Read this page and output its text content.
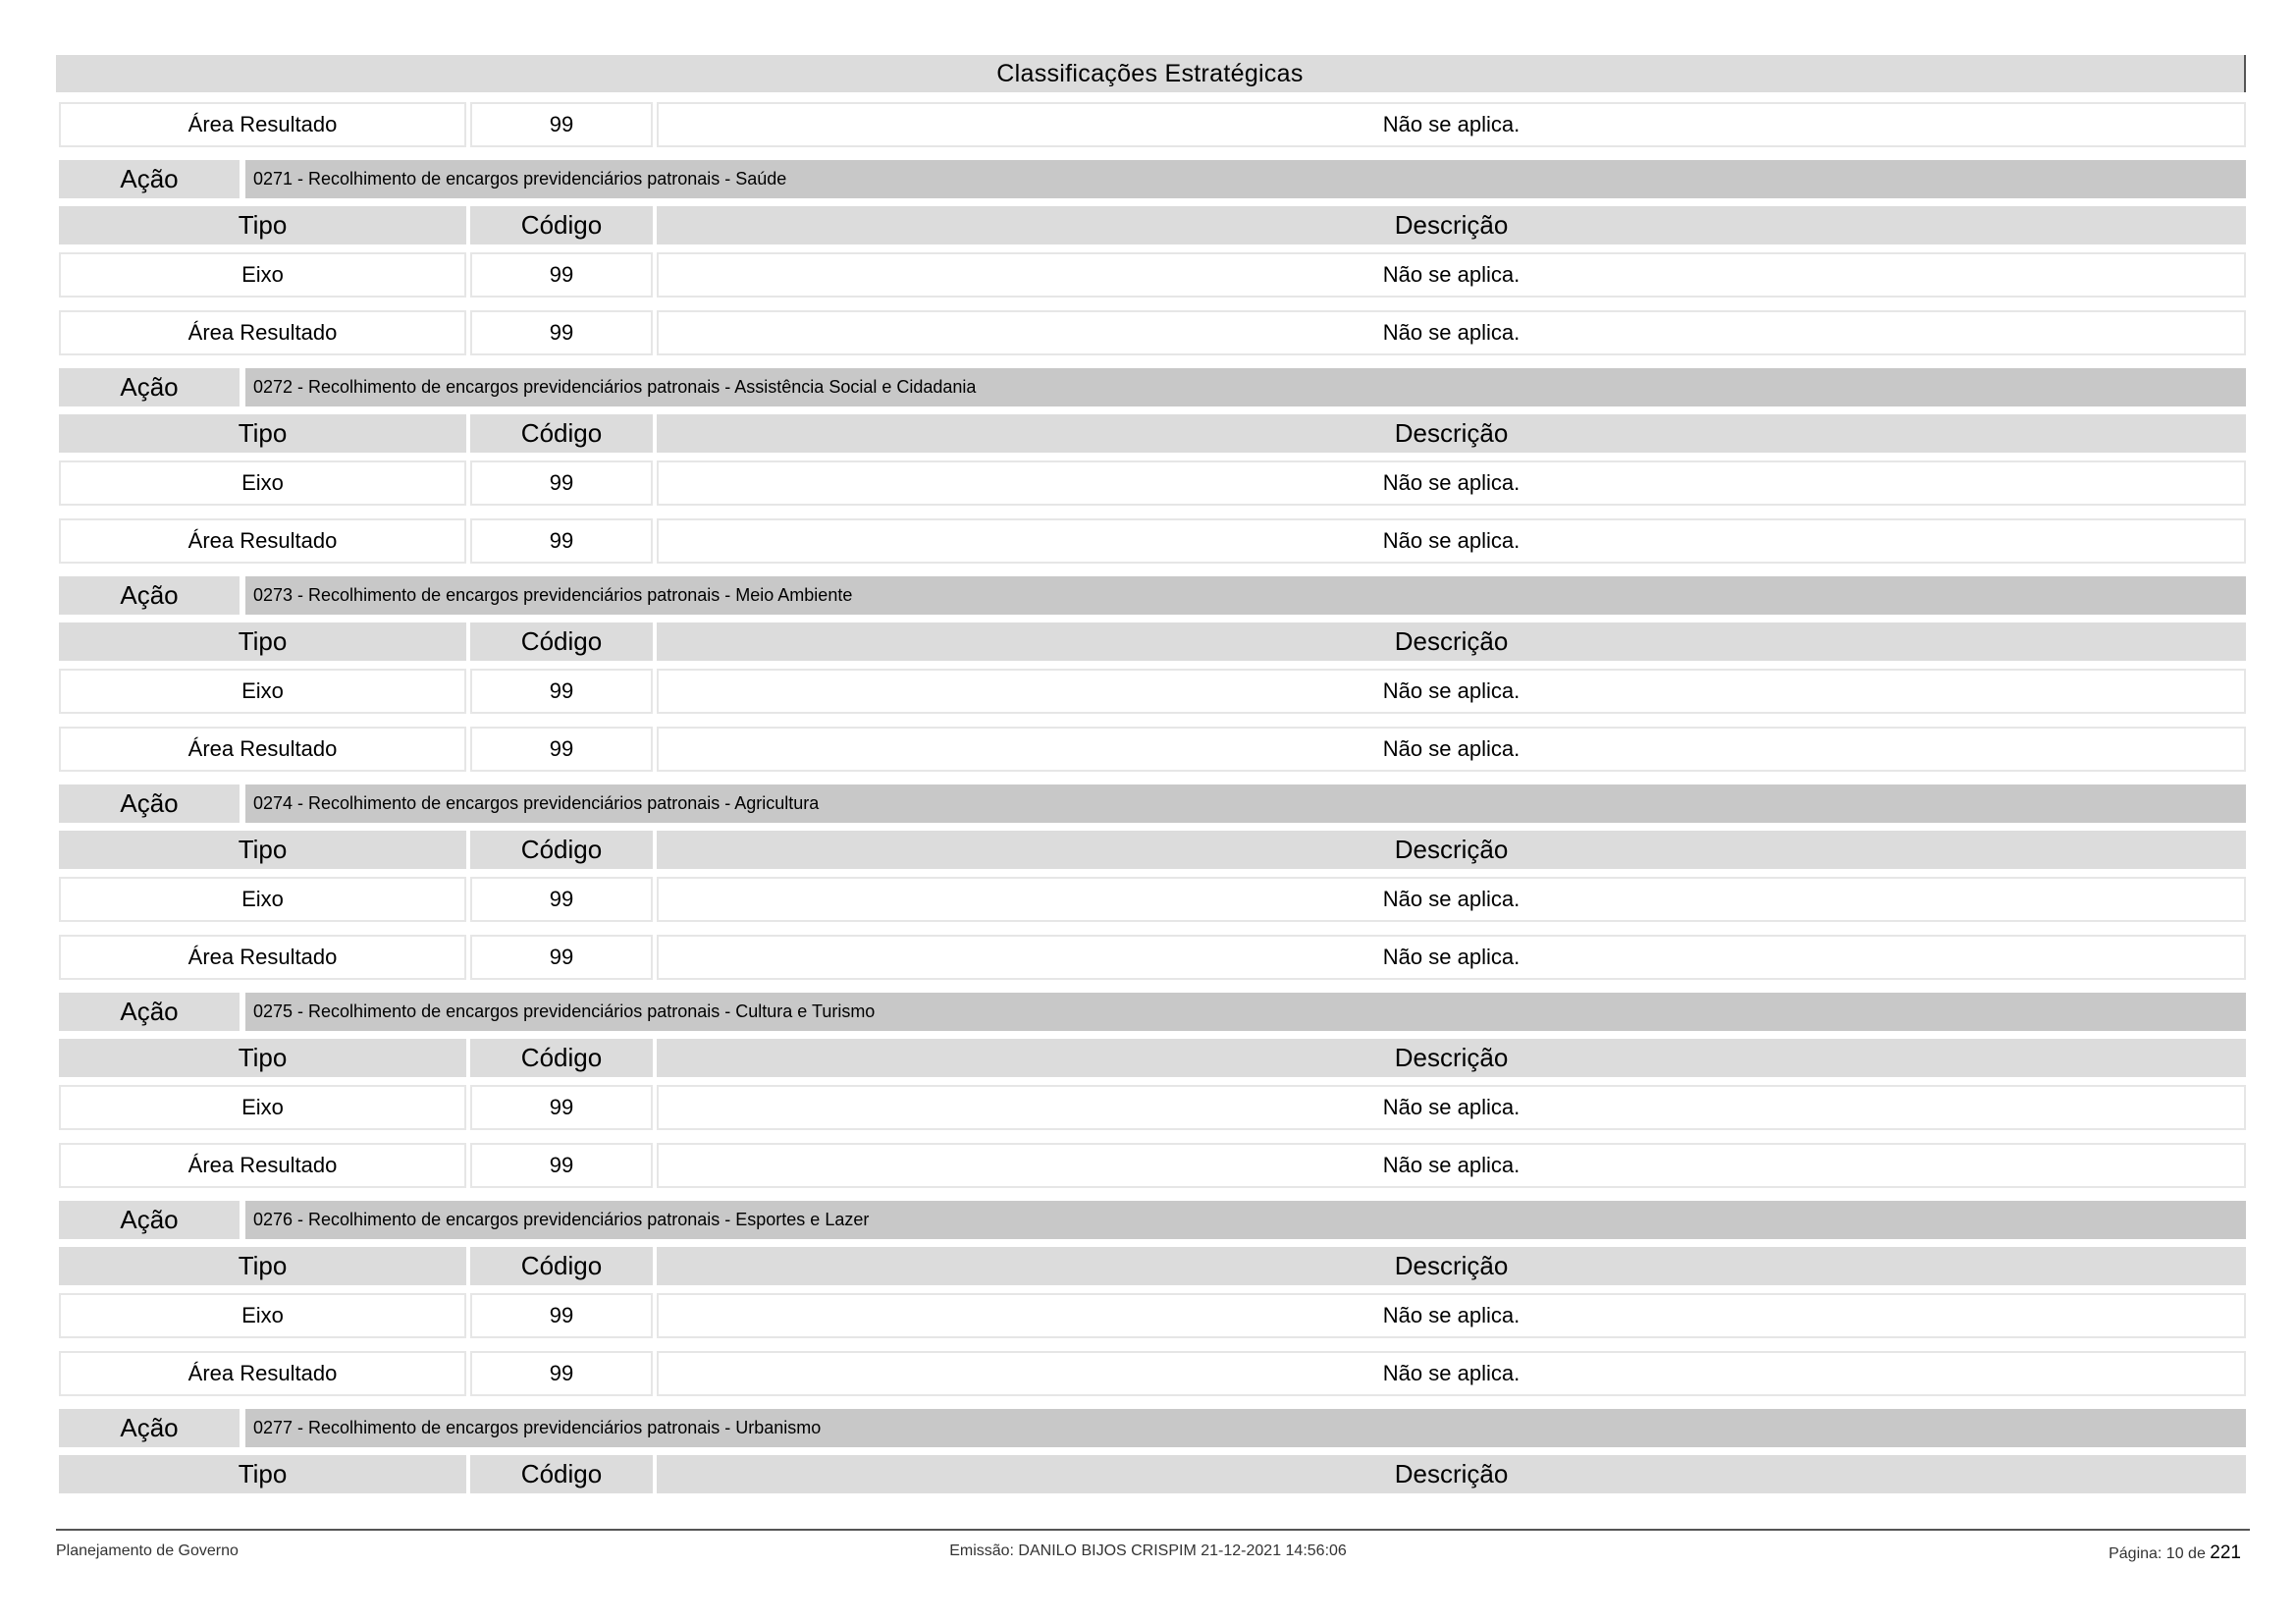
Classificações Estratégicas
Área Resultado	99	Não se aplica.
Ação	0271 - Recolhimento de encargos previdenciários patronais - Saúde
Tipo	Código	Descrição
Eixo	99	Não se aplica.
Área Resultado	99	Não se aplica.
Ação	0272 - Recolhimento de encargos previdenciários patronais - Assistência Social e Cidadania
Tipo	Código	Descrição
Eixo	99	Não se aplica.
Área Resultado	99	Não se aplica.
Ação	0273 - Recolhimento de encargos previdenciários patronais - Meio Ambiente
Tipo	Código	Descrição
Eixo	99	Não se aplica.
Área Resultado	99	Não se aplica.
Ação	0274 - Recolhimento de encargos previdenciários patronais - Agricultura
Tipo	Código	Descrição
Eixo	99	Não se aplica.
Área Resultado	99	Não se aplica.
Ação	0275 - Recolhimento de encargos previdenciários patronais - Cultura e Turismo
Tipo	Código	Descrição
Eixo	99	Não se aplica.
Área Resultado	99	Não se aplica.
Ação	0276 - Recolhimento de encargos previdenciários patronais - Esportes e Lazer
Tipo	Código	Descrição
Eixo	99	Não se aplica.
Área Resultado	99	Não se aplica.
Ação	0277 - Recolhimento de encargos previdenciários patronais - Urbanismo
Tipo	Código	Descrição
Planejamento de Governo	Emissão: DANILO BIJOS CRISPIM 21-12-2021 14:56:06	Página: 10 de 221
